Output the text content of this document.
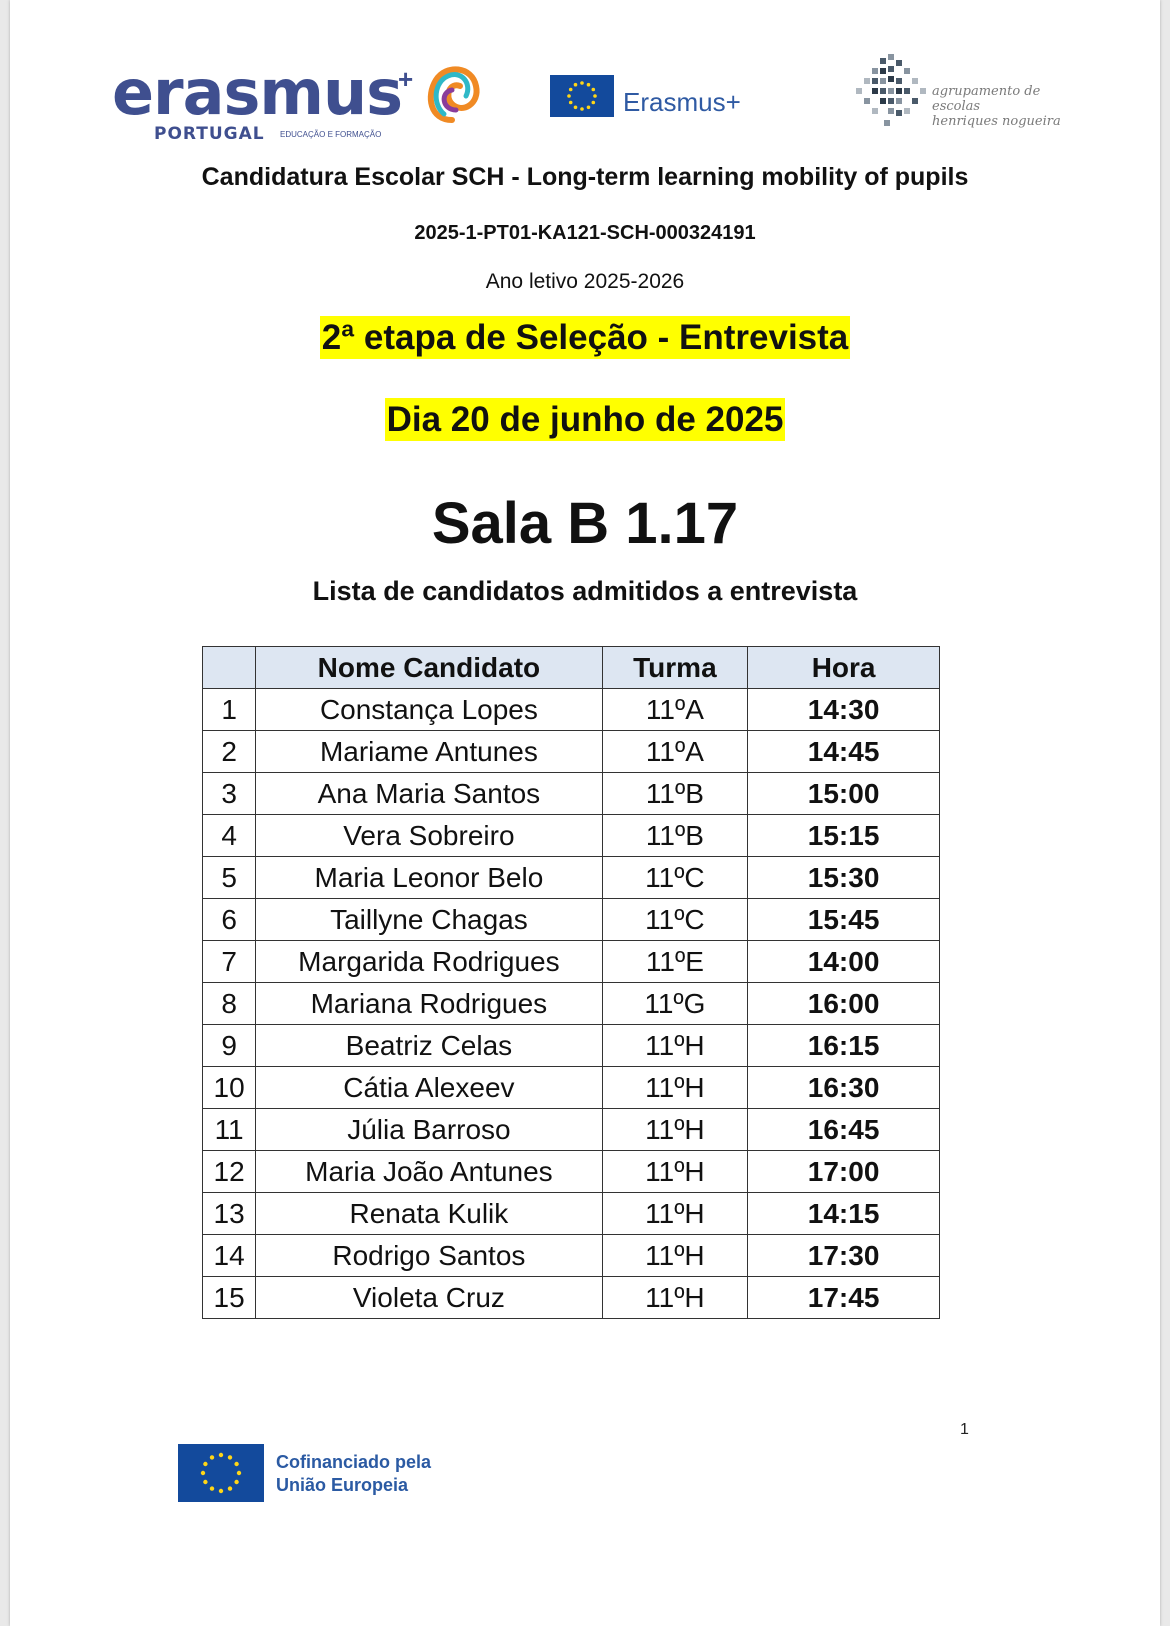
erasmus
+
PORTUGAL EDUCAÇÃO E FORMAÇÃO
Erasmus+	agrupamento de escolas
henriques nogueira
Candidatura Escolar SCH - Long-term learning mobility of pupils
2025-1-PT01-KA121-SCH-000324191
Ano letivo 2025-2026
2ª etapa de Seleção - Entrevista
Dia 20 de junho de 2025
Sala B 1.17
Lista de candidatos admitidos a entrevista
	Nome Candidato	Turma	Hora
1	Constança Lopes	11ºA	14:30
2	Mariame Antunes	11ºA	14:45
3	Ana Maria Santos	11ºB	15:00
4	Vera Sobreiro	11ºB	15:15
5	Maria Leonor Belo	11ºC	15:30
6	Taillyne Chagas	11ºC	15:45
7	Margarida Rodrigues	11ºE	14:00
8	Mariana Rodrigues	11ºG	16:00
9	Beatriz Celas	11ºH	16:15
10	Cátia Alexeev	11ºH	16:30
11	Júlia Barroso	11ºH	16:45
12	Maria João Antunes	11ºH	17:00
13	Renata Kulik	11ºH	14:15
14	Rodrigo Santos	11ºH	17:30
15	Violeta Cruz	11ºH	17:45
1
Cofinanciado pela
União Europeia
